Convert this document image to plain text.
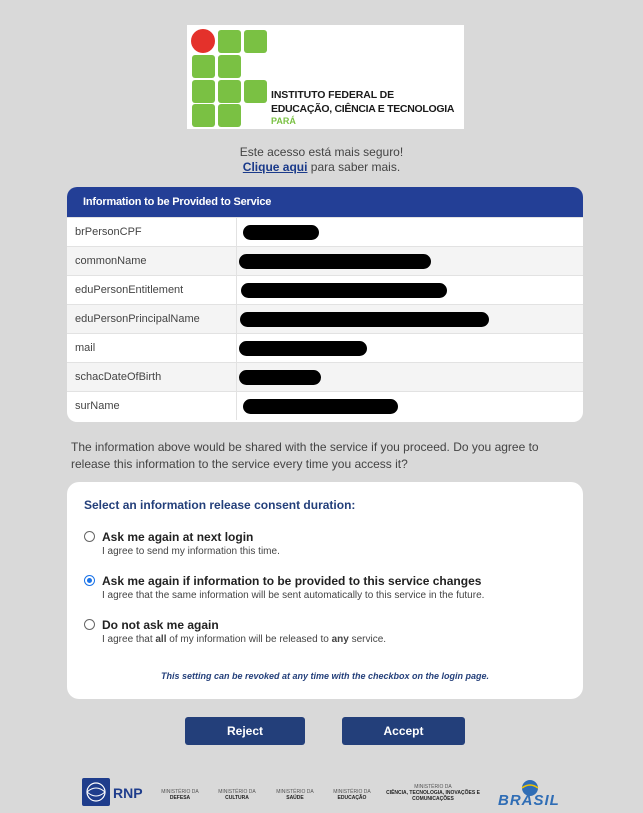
INSTITUTO FEDERAL DE
EDUCAÇÃO, CIÊNCIA E TECNOLOGIA
PARÁ
Este acesso está mais seguro!
Clique aqui para saber mais.
Information to be Provided to Service
brPersonCPF
commonName
eduPersonEntitlement
eduPersonPrincipalName
mail
schacDateOfBirth
surName
The information above would be shared with the service if you proceed. Do you agree to release this information to the service every time you access it?
Select an information release consent duration:
Ask me again at next login
I agree to send my information this time.
Ask me again if information to be provided to this service changes
I agree that the same information will be sent automatically to this service in the future.
Do not ask me again
I agree that all of my information will be released to any service.
This setting can be revoked at any time with the checkbox on the login page.
Reject	Accept
RNP	MINISTÉRIO DA
DEFESA
MINISTÉRIO DA
CULTURA
MINISTÉRIO DA
SAÚDE
MINISTÉRIO DA
EDUCAÇÃO
MINISTÉRIO DA
CIÊNCIA, TECNOLOGIA, INOVAÇÕES E COMUNICAÇÕES	BRASIL
